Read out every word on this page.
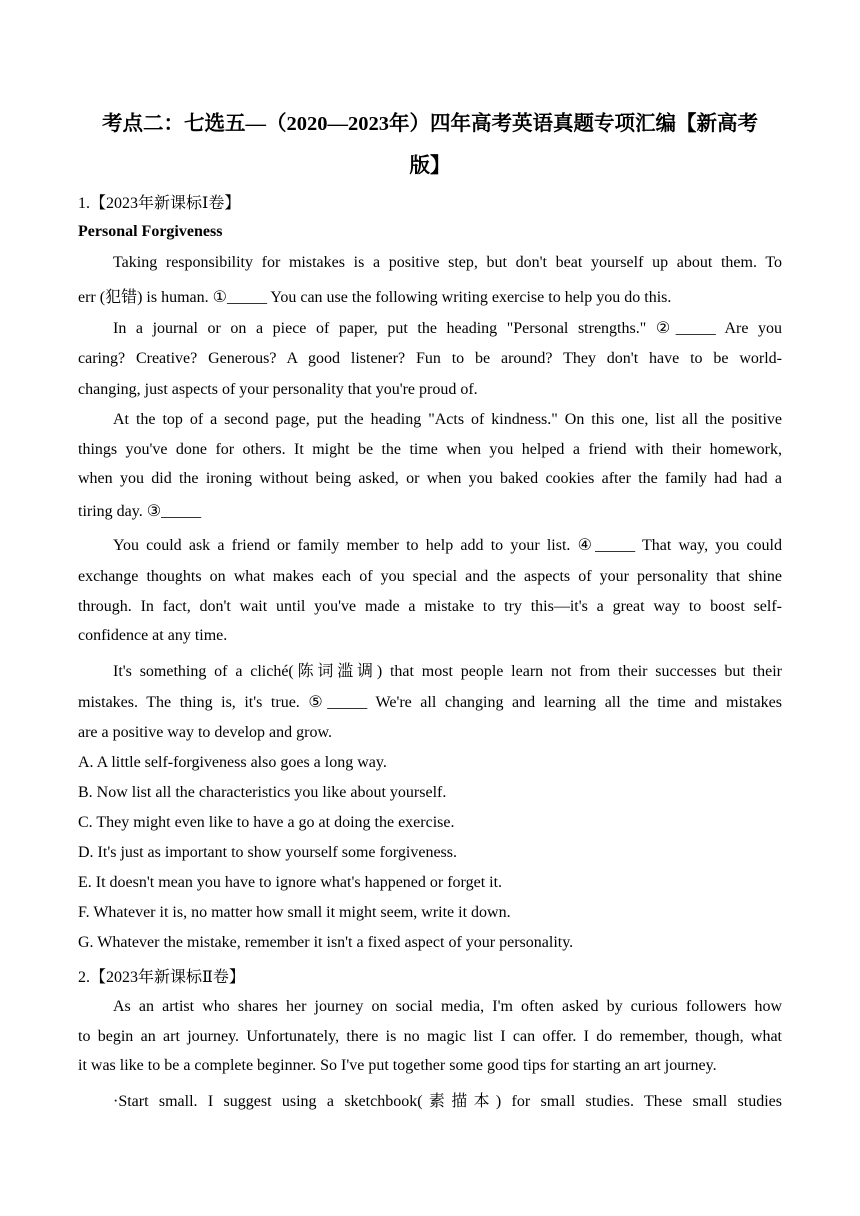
考点二：七选五—（2020—2023年）四年高考英语真题专项汇编【新高考
版】
1.【2023年新课标Ⅰ卷】
Personal Forgiveness
Taking responsibility for mistakes is a positive step, but don't beat yourself up about them. To
err (犯错) is human. ①_____ You can use the following writing exercise to help you do this.
In a journal or on a piece of paper, put the heading "Personal strengths." ②_____ Are you
caring? Creative? Generous? A good listener? Fun to be around? They don't have to be world-
changing, just aspects of your personality that you're proud of.
At the top of a second page, put the heading "Acts of kindness." On this one, list all the positive
things you've done for others. It might be the time when you helped a friend with their homework,
when you did the ironing without being asked, or when you baked cookies after the family had had a
tiring day. ③_____
You could ask a friend or family member to help add to your list. ④_____ That way, you could
exchange thoughts on what makes each of you special and the aspects of your personality that shine
through. In fact, don't wait until you've made a mistake to try this—it's a great way to boost self-
confidence at any time.
It's something of a cliché(陈词滥调) that most people learn not from their successes but their
mistakes. The thing is, it's true. ⑤_____ We're all changing and learning all the time and mistakes
are a positive way to develop and grow.
A. A little self-forgiveness also goes a long way.
B. Now list all the characteristics you like about yourself.
C. They might even like to have a go at doing the exercise.
D. It's just as important to show yourself some forgiveness.
E. It doesn't mean you have to ignore what's happened or forget it.
F. Whatever it is, no matter how small it might seem, write it down.
G. Whatever the mistake, remember it isn't a fixed aspect of your personality.
2.【2023年新课标Ⅱ卷】
As an artist who shares her journey on social media, I'm often asked by curious followers how
to begin an art journey. Unfortunately, there is no magic list I can offer. I do remember, though, what
it was like to be a complete beginner. So I've put together some good tips for starting an art journey.
·Start small. I suggest using a sketchbook(素描本) for small studies. These small studies
